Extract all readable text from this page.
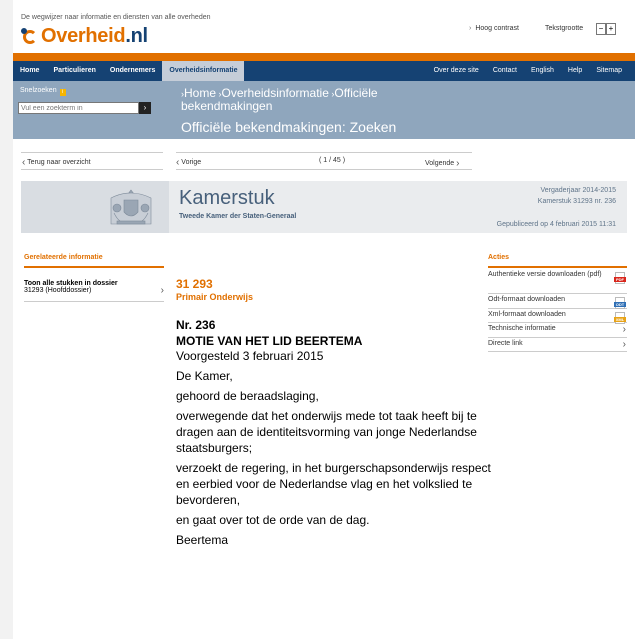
De wegwijzer naar informatie en diensten van alle overheden
Overheid.nl	› Hoog contrast	Tekstgrootte	− +
Home	Particulieren	Ondernemers	Overheidsinformatie	Over deze site	Contact	English	Help	Sitemap
Snelzoeken i
Vul een zoekterm in
›
›Home ›Overheidsinformatie ›Officiële bekendmakingen
Officiële bekendmakingen: Zoeken
‹ Terug naar overzicht	‹ Vorige	( 1 / 45 )	Volgende ›
Kamerstuk
Tweede Kamer der Staten-Generaal
Vergaderjaar 2014-2015
Kamerstuk 31293 nr. 236
Gepubliceerd op 4 februari 2015 11:31
Gerelateerde informatie
Toon alle stukken in dossier
31293 (Hoofddossier)	› 31 293
Primair Onderwijs
Nr. 236
MOTIE VAN HET LID BEERTEMA
Voorgesteld 3 februari 2015

De Kamer,

gehoord de beraadslaging,

overwegende dat het onderwijs mede tot taak heeft bij te dragen aan de identiteitsvorming van jonge Nederlandse staatsburgers;

verzoekt de regering, in het burgerschapsonderwijs respect en eerbied voor de Nederlandse vlag en het volkslied te bevorderen,

en gaat over tot de orde van de dag.

Beertema

Acties
Authentieke versie downloaden (pdf)
PDF
Odt-formaat downloaden
ODT
Xml-formaat downloaden
XML
Technische informatie	›
Directe link	›
